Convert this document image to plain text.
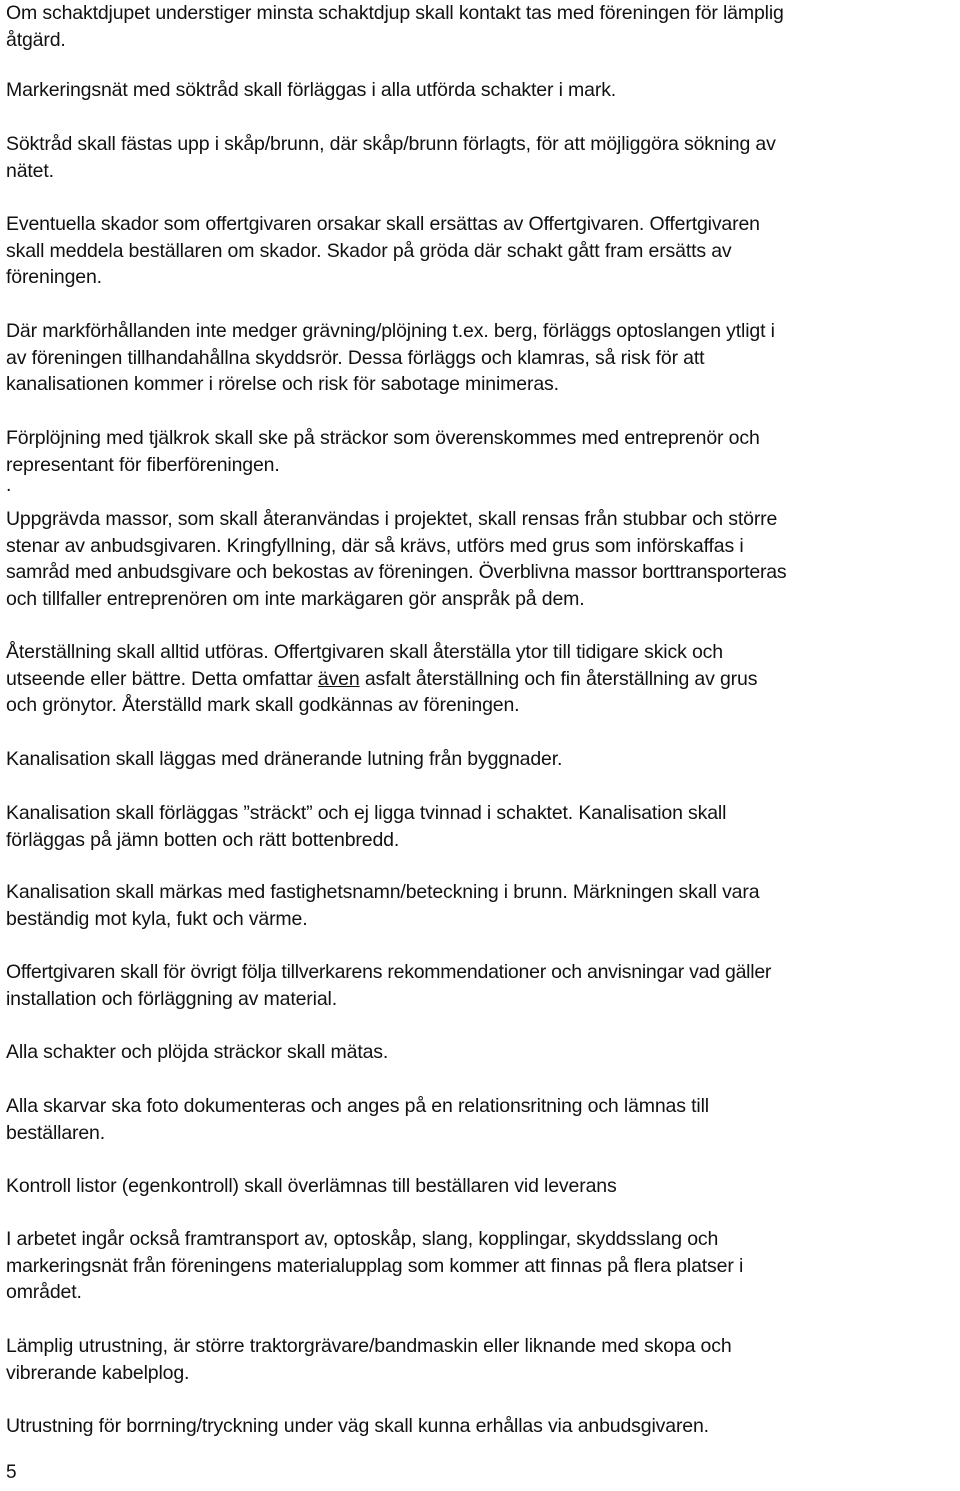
Om schaktdjupet understiger minsta schaktdjup skall kontakt tas med föreningen för lämplig
åtgärd.

Markeringsnät med söktråd skall förläggas i alla utförda schakter i mark.

Söktråd skall fästas upp i skåp/brunn, där skåp/brunn förlagts, för att möjliggöra sökning av
nätet.

Eventuella skador som offertgivaren orsakar skall ersättas av Offertgivaren. Offertgivaren
skall meddela beställaren om skador. Skador på gröda där schakt gått fram ersätts av
föreningen.

Där markförhållanden inte medger grävning/plöjning t.ex. berg, förläggs optoslangen ytligt i
av föreningen tillhandahållna skyddsrör. Dessa förläggs och klamras, så risk för att
kanalisationen kommer i rörelse och risk för sabotage minimeras.

Förplöjning med tjälkrok skall ske på sträckor som överenskommes med entreprenör och
representant för fiberföreningen.
.

Uppgrävda massor, som skall återanvändas i projektet, skall rensas från stubbar och större
stenar av anbudsgivaren. Kringfyllning, där så krävs, utförs med grus som införskaffas i
samråd med anbudsgivare och bekostas av föreningen. Överblivna massor borttransporteras
och tillfaller entreprenören om inte markägaren gör anspråk på dem.

Återställning skall alltid utföras. Offertgivaren skall återställa ytor till tidigare skick och
utseende eller bättre. Detta omfattar även asfalt återställning och fin återställning av grus
och grönytor. Återställd mark skall godkännas av föreningen.

Kanalisation skall läggas med dränerande lutning från byggnader.

Kanalisation skall förläggas ”sträckt” och ej ligga tvinnad i schaktet. Kanalisation skall
förläggas på jämn botten och rätt bottenbredd.

Kanalisation skall märkas med fastighetsnamn/beteckning i brunn. Märkningen skall vara
beständig mot kyla, fukt och värme.

Offertgivaren skall för övrigt följa tillverkarens rekommendationer och anvisningar vad gäller
installation och förläggning av material.

Alla schakter och plöjda sträckor skall mätas.

Alla skarvar ska foto dokumenteras och anges på en relationsritning och lämnas till
beställaren.

Kontroll listor (egenkontroll) skall överlämnas till beställaren vid leverans

I arbetet ingår också framtransport av, optoskåp, slang, kopplingar, skyddsslang och
markeringsnät från föreningens materialupplag som kommer att finnas på flera platser i
området.

Lämplig utrustning, är större traktorgrävare/bandmaskin eller liknande med skopa och
vibrerande kabelplog.

Utrustning för borrning/tryckning under väg skall kunna erhållas via anbudsgivaren.

5
